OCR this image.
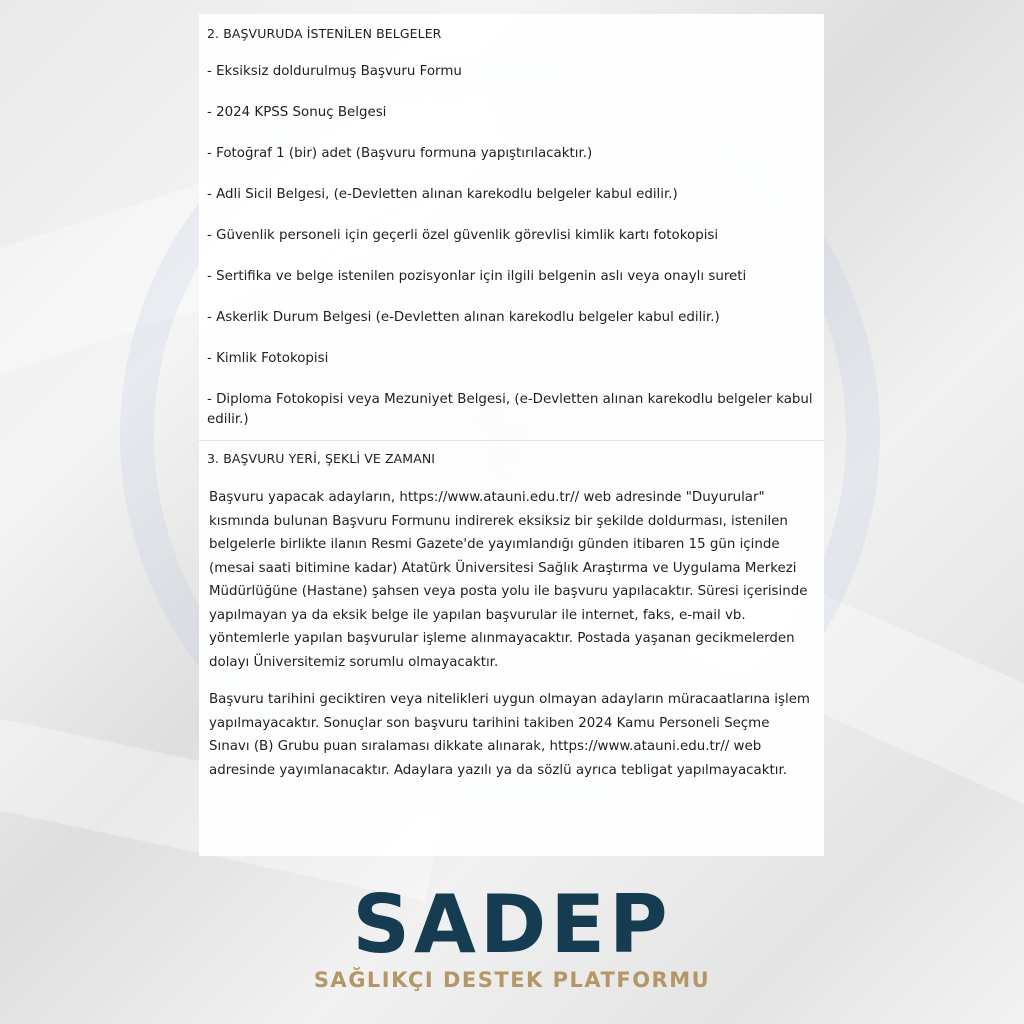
2. BAŞVURUDA İSTENİLEN BELGELER

- Eksiksiz doldurulmuş Başvuru Formu

- 2024 KPSS Sonuç Belgesi

- Fotoğraf 1 (bir) adet (Başvuru formuna yapıştırılacaktır.)

- Adli Sicil Belgesi, (e-Devletten alınan karekodlu belgeler kabul edilir.)

- Güvenlik personeli için geçerli özel güvenlik görevlisi kimlik kartı fotokopisi

- Sertifika ve belge istenilen pozisyonlar için ilgili belgenin aslı veya onaylı sureti

- Askerlik Durum Belgesi (e-Devletten alınan karekodlu belgeler kabul edilir.)

- Kimlik Fotokopisi

- Diploma Fotokopisi veya Mezuniyet Belgesi, (e-Devletten alınan karekodlu belgeler kabul edilir.)

3. BAŞVURU YERİ, ŞEKLİ VE ZAMANI

Başvuru yapacak adayların, https://www.atauni.edu.tr// web adresinde "Duyurular" kısmında bulunan Başvuru Formunu indirerek eksiksiz bir şekilde doldurması, istenilen belgelerle birlikte ilanın Resmi Gazete'de yayımlandığı günden itibaren 15 gün içinde (mesai saati bitimine kadar) Atatürk Üniversitesi Sağlık Araştırma ve Uygulama Merkezi Müdürlüğüne (Hastane) şahsen veya posta yolu ile başvuru yapılacaktır. Süresi içerisinde yapılmayan ya da eksik belge ile yapılan başvurular ile internet, faks, e-mail vb. yöntemlerle yapılan başvurular işleme alınmayacaktır. Postada yaşanan gecikmelerden dolayı Üniversitemiz sorumlu olmayacaktır.

Başvuru tarihini geciktiren veya nitelikleri uygun olmayan adayların müracaatlarına işlem yapılmayacaktır. Sonuçlar son başvuru tarihini takiben 2024 Kamu Personeli Seçme Sınavı (B) Grubu puan sıralaması dikkate alınarak, https://www.atauni.edu.tr// web adresinde yayımlanacaktır. Adaylara yazılı ya da sözlü ayrıca tebligat yapılmayacaktır.

SADEP
SAĞLIKÇI DESTEK PLATFORMU
